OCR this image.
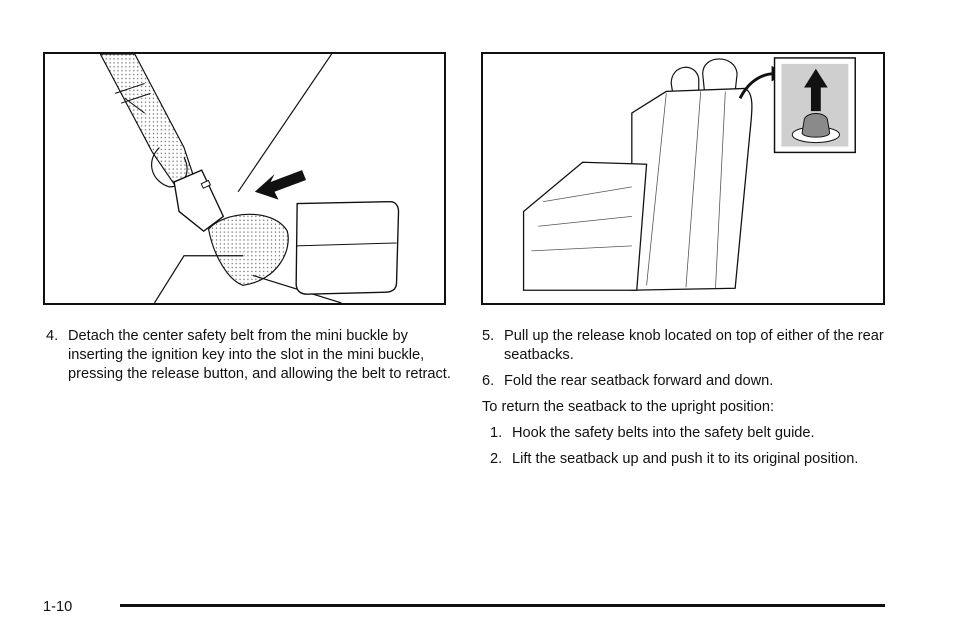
4. Detach the center safety belt from the mini buckle by inserting the ignition key into the slot in the mini buckle, pressing the release button, and allowing the belt to retract.
5. Pull up the release knob located on top of either of the rear seatbacks.
6. Fold the rear seatback forward and down.
To return the seatback to the upright position:
1. Hook the safety belts into the safety belt guide.
2. Lift the seatback up and push it to its original position.
1-10
